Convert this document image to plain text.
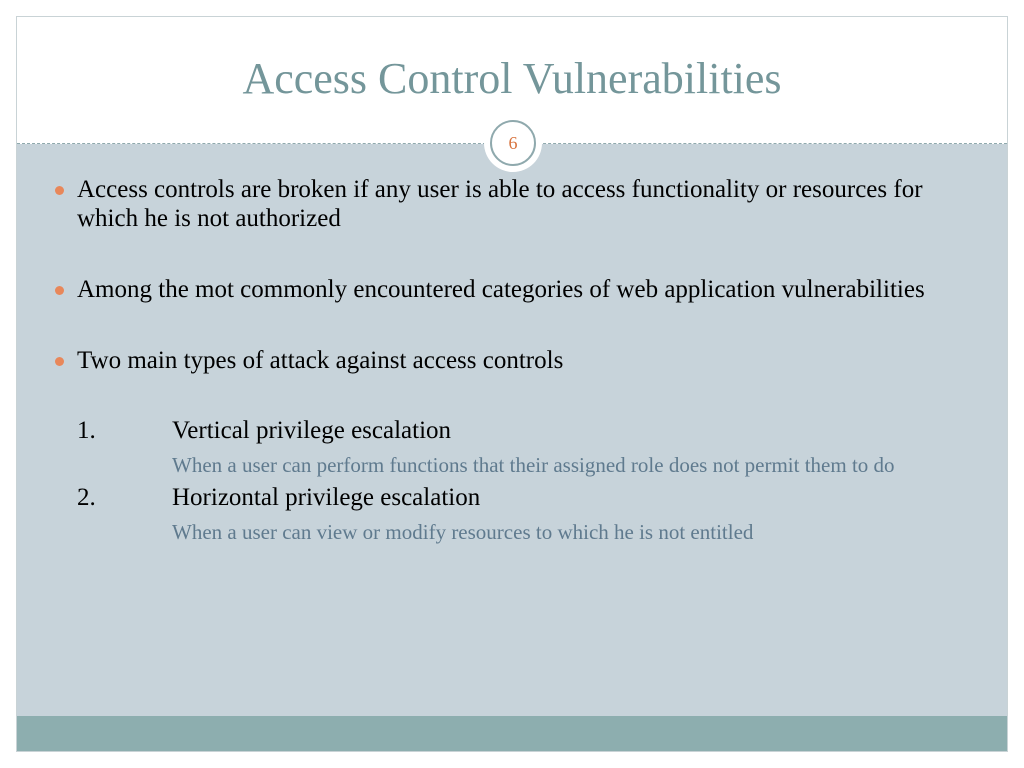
Access Control Vulnerabilities
6
Access controls are broken if any user is able to access functionality or resources for which he is not authorized
Among the mot commonly encountered categories of web application vulnerabilities
Two main types of attack against access controls
1.	Vertical privilege escalation
When a user can perform functions that their assigned role does not permit them to do
2.	Horizontal privilege escalation
When a user can view or modify resources to which he is not entitled
